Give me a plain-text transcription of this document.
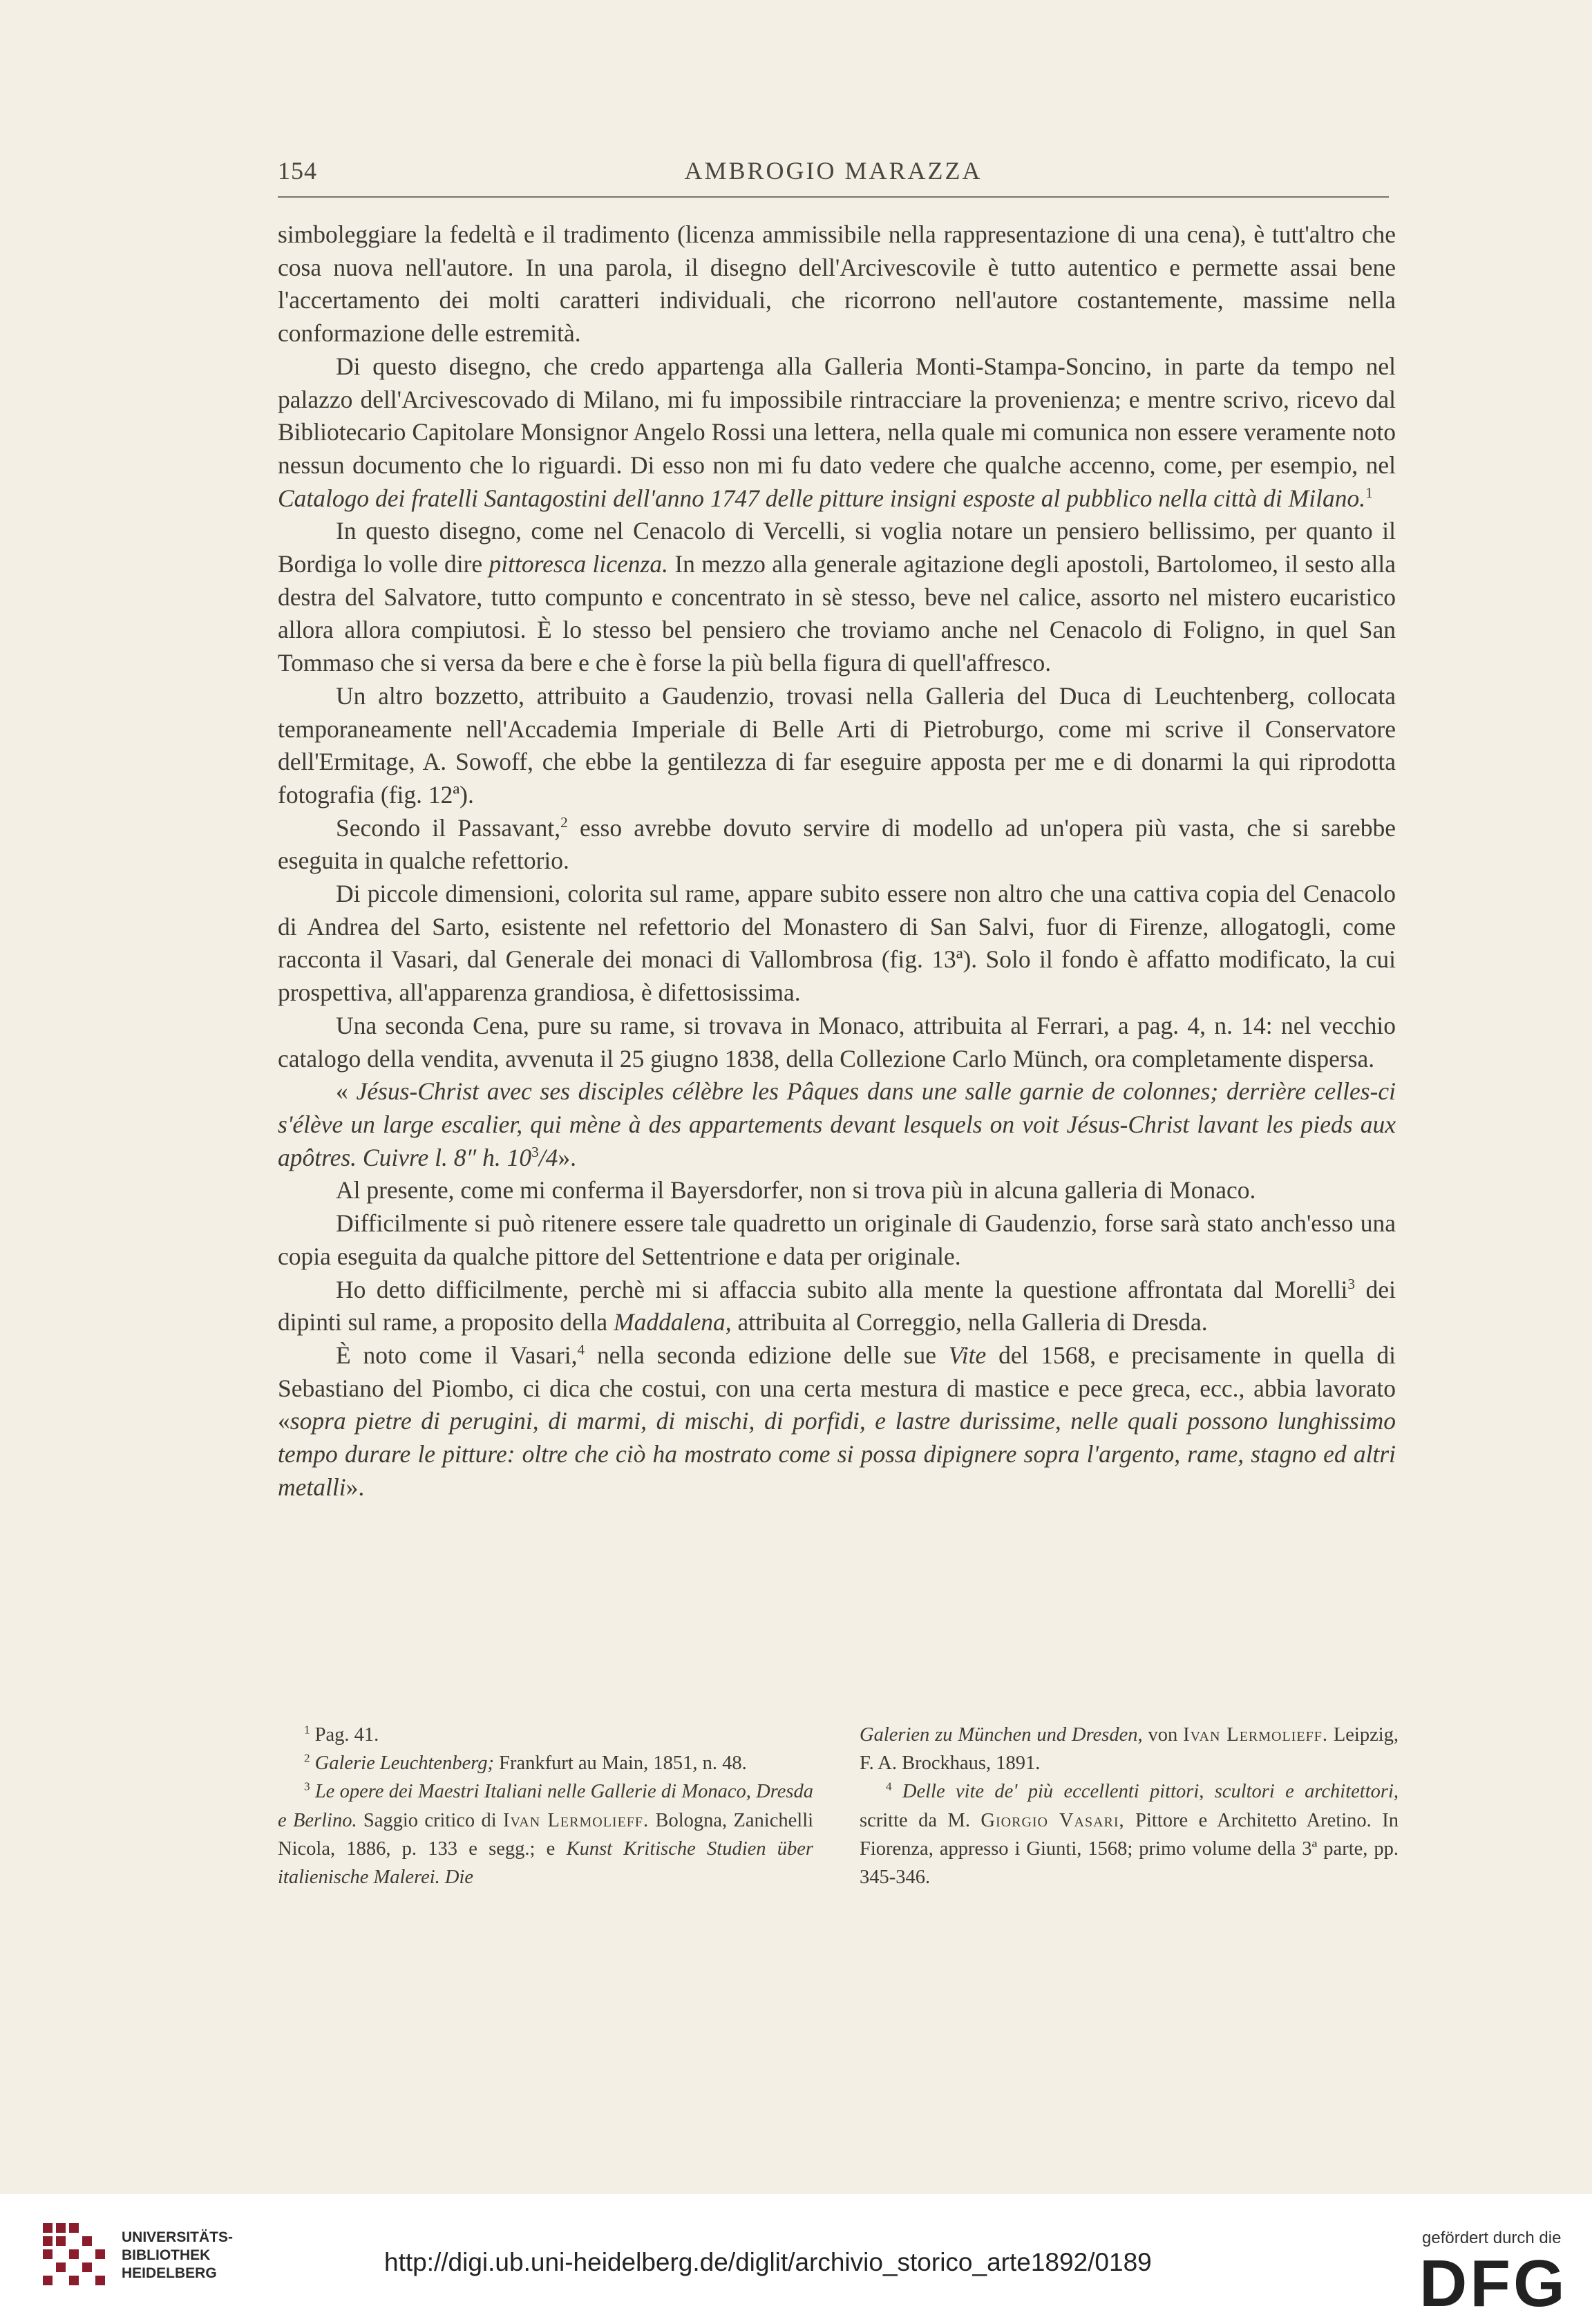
154	AMBROGIO MARAZZA

simboleggiare la fedeltà e il tradimento (licenza ammissibile nella rappresentazione di una cena), è tutt'altro che cosa nuova nell'autore. In una parola, il disegno dell'Arcivescovile è tutto autentico e permette assai bene l'accertamento dei molti caratteri individuali, che ricorrono nell'autore costantemente, massime nella conformazione delle estremità.

Di questo disegno, che credo appartenga alla Galleria Monti-Stampa-Soncino, in parte da tempo nel palazzo dell'Arcivescovado di Milano, mi fu impossibile rintracciare la provenienza; e mentre scrivo, ricevo dal Bibliotecario Capitolare Monsignor Angelo Rossi una lettera, nella quale mi comunica non essere veramente noto nessun documento che lo riguardi. Di esso non mi fu dato vedere che qualche accenno, come, per esempio, nel Catalogo dei fratelli Santagostini dell'anno 1747 delle pitture insigni esposte al pubblico nella città di Milano.$^1$

In questo disegno, come nel Cenacolo di Vercelli, si voglia notare un pensiero bellissimo, per quanto il Bordiga lo volle dire pittoresca licenza. In mezzo alla generale agitazione degli apostoli, Bartolomeo, il sesto alla destra del Salvatore, tutto compunto e concentrato in sè stesso, beve nel calice, assorto nel mistero eucaristico allora allora compiutosi. È lo stesso bel pensiero che troviamo anche nel Cenacolo di Foligno, in quel San Tommaso che si versa da bere e che è forse la più bella figura di quell'affresco.

Un altro bozzetto, attribuito a Gaudenzio, trovasi nella Galleria del Duca di Leuchtenberg, collocata temporaneamente nell'Accademia Imperiale di Belle Arti di Pietroburgo, come mi scrive il Conservatore dell'Ermitage, A. Sowoff, che ebbe la gentilezza di far eseguire apposta per me e di donarmi la qui riprodotta fotografia (fig. 12ª).

Secondo il Passavant,$^2$ esso avrebbe dovuto servire di modello ad un'opera più vasta, che si sarebbe eseguita in qualche refettorio.

Di piccole dimensioni, colorita sul rame, appare subito essere non altro che una cattiva copia del Cenacolo di Andrea del Sarto, esistente nel refettorio del Monastero di San Salvi, fuor di Firenze, allogatogli, come racconta il Vasari, dal Generale dei monaci di Vallombrosa (fig. 13ª). Solo il fondo è affatto modificato, la cui prospettiva, all'apparenza grandiosa, è difettosissima.

Una seconda Cena, pure su rame, si trovava in Monaco, attribuita al Ferrari, a pag. 4, n. 14: nel vecchio catalogo della vendita, avvenuta il 25 giugno 1838, della Collezione Carlo Münch, ora completamente dispersa.

« Jésus-Christ avec ses disciples célèbre les Pâques dans une salle garnie de colonnes; derrière celles-ci s'élève un large escalier, qui mène à des appartements devant lesquels on voit Jésus-Christ lavant les pieds aux apôtres. Cuivre l. 8″ h. $10^3/4$».

Al presente, come mi conferma il Bayersdorfer, non si trova più in alcuna galleria di Monaco.

Difficilmente si può ritenere essere tale quadretto un originale di Gaudenzio, forse sarà stato anch'esso una copia eseguita da qualche pittore del Settentrione e data per originale.

Ho detto difficilmente, perchè mi si affaccia subito alla mente la questione affrontata dal Morelli$^3$ dei dipinti sul rame, a proposito della Maddalena, attribuita al Correggio, nella Galleria di Dresda.

È noto come il Vasari,$^4$ nella seconda edizione delle sue Vite del 1568, e precisamente in quella di Sebastiano del Piombo, ci dica che costui, con una certa mestura di mastice e pece greca, ecc., abbia lavorato «sopra pietre di perugini, di marmi, di mischi, di porfidi, e lastre durissime, nelle quali possono lunghissimo tempo durare le pitture: oltre che ciò ha mostrato come si possa dipignere sopra l'argento, rame, stagno ed altri metalli».

$^1$ Pag. 41.

$^2$ Galerie Leuchtenberg; Frankfurt au Main, 1851, n. 48.

$^3$ Le opere dei Maestri Italiani nelle Gallerie di Monaco, Dresda e Berlino. Saggio critico di Ivan Lermolieff. Bologna, Zanichelli Nicola, 1886, p. 133 e segg.; e Kunst Kritische Studien über italienische Malerei. Die

Galerien zu München und Dresden, von Ivan Lermolieff. Leipzig, F. A. Brockhaus, 1891.

$^4$ Delle vite de' più eccellenti pittori, scultori e architettori, scritte da M. Giorgio Vasari, Pittore e Architetto Aretino. In Fiorenza, appresso i Giunti, 1568; primo volume della 3ª parte, pp. 345-346.

UNIVERSITÄTS-
BIBLIOTHEK
HEIDELBERG	http://digi.ub.uni-heidelberg.de/diglit/archivio_storico_arte1892/0189
gefördert durch die
DFG
